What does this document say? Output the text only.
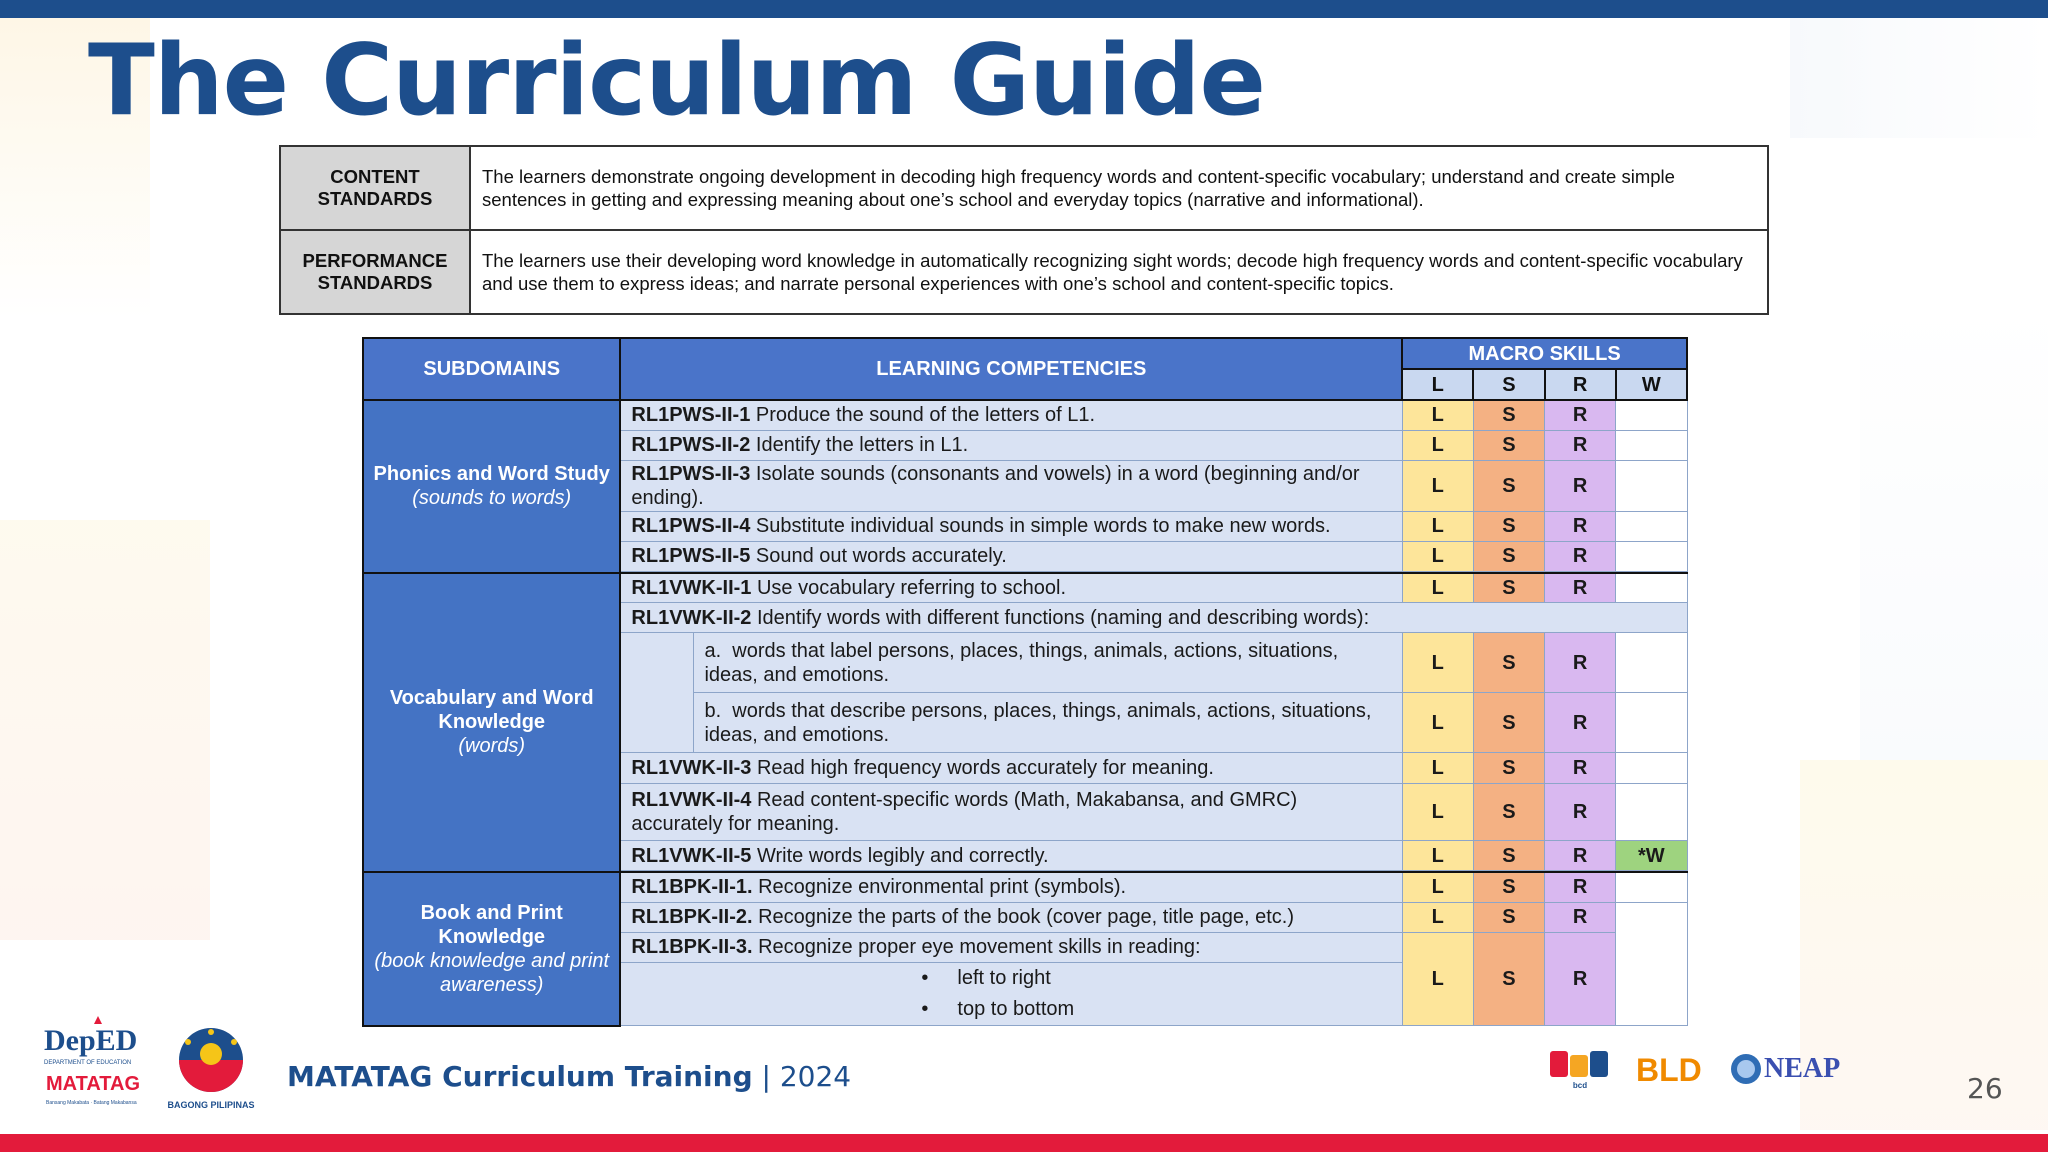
The Curriculum Guide
CONTENT STANDARDS	The learners demonstrate ongoing development in decoding high frequency words and content-specific vocabulary; understand and create simple sentences in getting and expressing meaning about one’s school and everyday topics (narrative and informational).
PERFORMANCE STANDARDS	The learners use their developing word knowledge in automatically recognizing sight words; decode high frequency words and content-specific vocabulary and use them to express ideas; and narrate personal experiences with one’s school and content-specific topics.
SUBDOMAINS	LEARNING COMPETENCIES		MACRO SKILLS			
			L	S	R	W

Phonics and Word Study
(sounds to words)	RL1PWS-II-1 Produce the sound of the letters of L1.		L	S	R	
	RL1PWS-II-2 Identify the letters in L1.		L	S	R	
	RL1PWS-II-3 Isolate sounds (consonants and vowels) in a word (beginning and/or ending).		L	S	R	
	RL1PWS-II-4 Substitute individual sounds in simple words to make new words.		L	S	R	
	RL1PWS-II-5 Sound out words accurately.		L	S	R	

Vocabulary and Word Knowledge
(words)	RL1VWK-II-1 Use vocabulary referring to school.		L	S	R	
	RL1VWK-II-2 Identify words with different functions (naming and describing words):					
		a. words that label persons, places, things, animals, actions, situations, ideas, and emotions.	L	S	R	
		b. words that describe persons, places, things, animals, actions, situations, ideas, and emotions.	L	S	R	
	RL1VWK-II-3 Read high frequency words accurately for meaning.		L	S	R	
	RL1VWK-II-4 Read content-specific words (Math, Makabansa, and GMRC) accurately for meaning.		L	S	R	
	RL1VWK-II-5 Write words legibly and correctly.		L	S	R	*W

Book and Print Knowledge
(book knowledge and print awareness)	RL1BPK-II-1. Recognize environmental print (symbols).		L	S	R	
	RL1BPK-II-2. Recognize the parts of the book (cover page, title page, etc.)		L	S	R	
	RL1BPK-II-3. Recognize proper eye movement skills in reading:		L	S	R	

	• left to right
• top to bottom					

DepED
DEPARTMENT OF EDUCATION
MATATAG
Bansang Makabata · Batang Makabansa	BAGONG PILIPINAS
MATATAG Curriculum Training | 2024	bcd BLD NEAP
26
